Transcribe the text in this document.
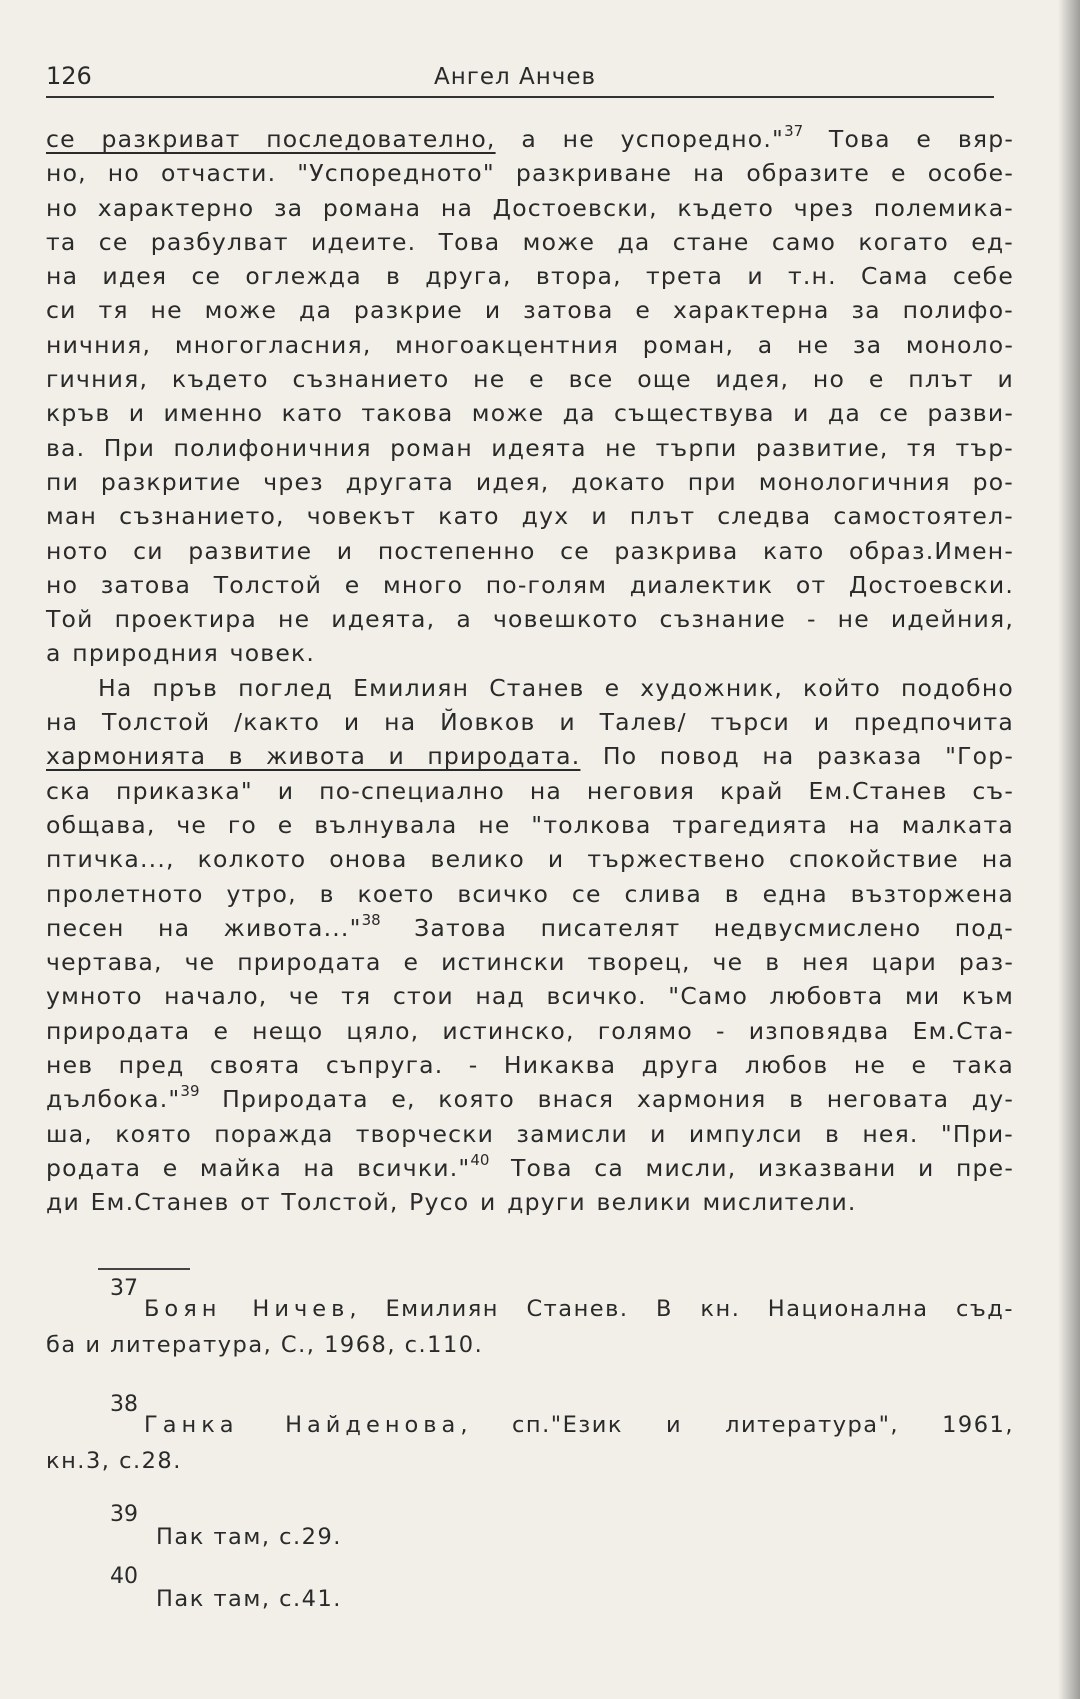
126	Ангел Анчев
се разкриват последователно, а не успоредно."$^{37}$ Това е вяр-
но, но отчасти. "Успоредното" разкриване на образите е особе-
но характерно за романа на Достоевски, където чрез полемика-
та се разбулват идеите. Това може да стане само когато ед-
на идея се оглежда в друга, втора, трета и т.н. Сама себе
си тя не може да разкрие и затова е характерна за полифо-
ничния, многогласния, многоакцентния роман, а не за моноло-
гичния, където съзнанието не е все още идея, но е плът и
кръв и именно като такова може да съществува и да се разви-
ва. При полифоничния роман идеята не търпи развитие, тя тър-
пи разкритие чрез другата идея, докато при монологичния ро-
ман съзнанието, човекът като дух и плът следва самостоятел-
ното си развитие и постепенно се разкрива като образ.Имен-
но затова Толстой е много по-голям диалектик от Достоевски.
Той проектира не идеята, а човешкото съзнание - не идейния,
а природния човек.
На пръв поглед Емилиян Станев е художник, който подобно
на Толстой /както и на Йовков и Талев/ търси и предпочита
хармонията в живота и природата. По повод на разказа "Гор-
ска приказка" и по-специално на неговия край Ем.Станев съ-
общава, че го е вълнувала не "толкова трагедията на малката
птичка..., колкото онова велико и тържествено спокойствие на
пролетното утро, в което всичко се слива в една възторжена
песен на живота..."$^{38}$ Затова писателят недвусмислено под-
чертава, че природата е истински творец, че в нея цари раз-
умното начало, че тя стои над всичко. "Само любовта ми към
природата е нещо цяло, истинско, голямо - изповядва Ем.Ста-
нев пред своята съпруга. - Никаква друга любов не е така
дълбока."$^{39}$ Природата е, която внася хармония в неговата ду-
ша, която поражда творчески замисли и импулси в нея. "При-
родата е майка на всички."$^{40}$ Това са мисли, изказвани и пре-
ди Ем.Станев от Толстой, Русо и други велики мислители.
37
Боян Ничев, Емилиян Станев. В кн. Национална съд-
ба и литература, С., 1968, с.110.
38
Ганка Найденова, сп."Език и литература", 1961,
кн.3, с.28.
39
Пак там, с.29.
40
Пак там, с.41.
